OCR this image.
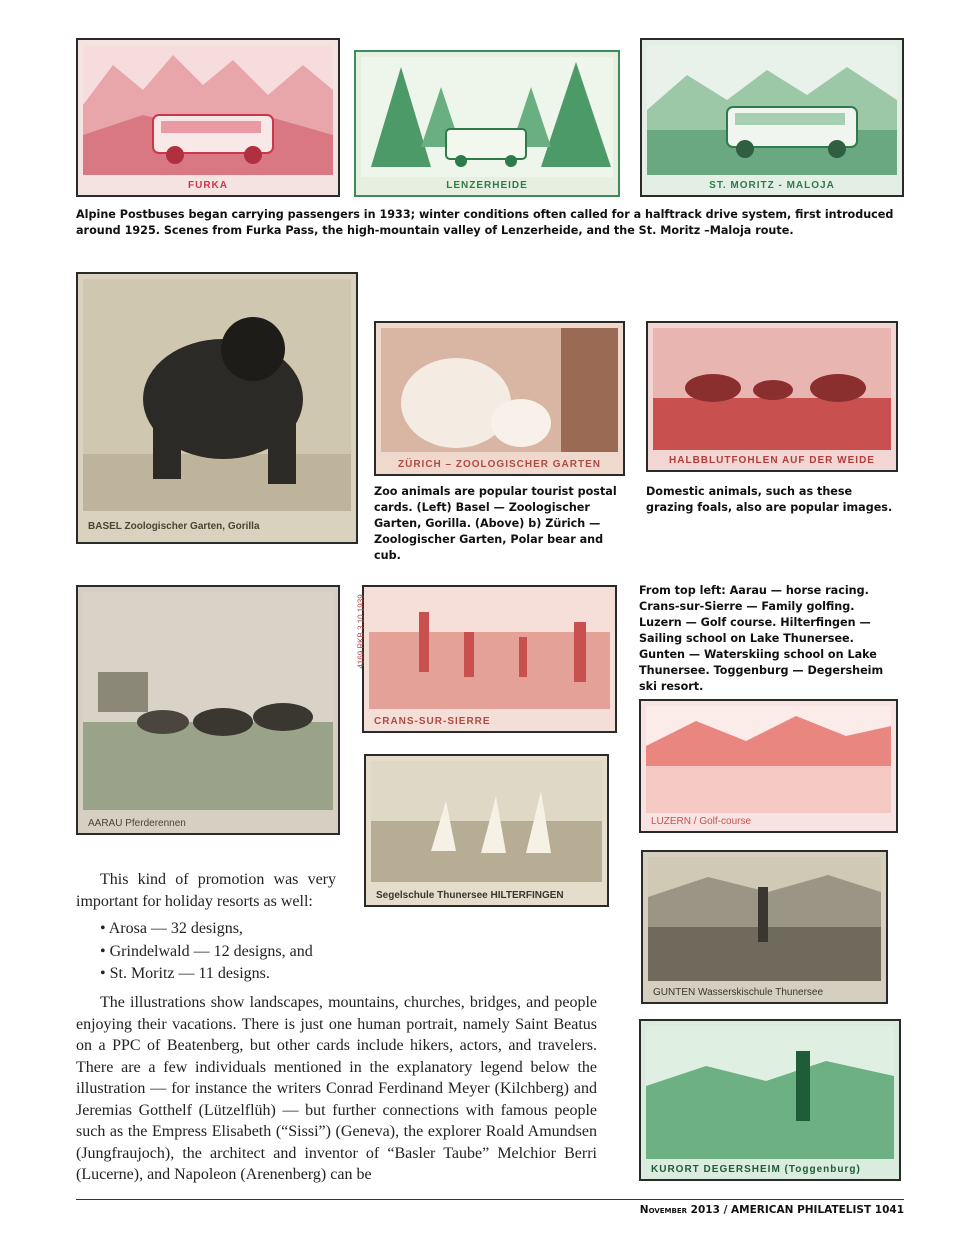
FURKA	LENZERHEIDE	ST. MORITZ - MALOJA
Alpine Postbuses began carrying passengers in 1933; winter conditions often called for a halftrack drive system, first introduced around 1925. Scenes from Furka Pass, the high-mountain valley of Lenzerheide, and the St. Moritz –Maloja route.
BASEL Zoologischer Garten, Gorilla
ZÜRICH – ZOOLOGISCHER GARTEN	HALBBLUTFOHLEN AUF DER WEIDE
Zoo animals are popular tourist postal cards. (Left) Basel — Zoologischer Garten, Gorilla. (Above) b) Zürich — Zoologischer Garten, Polar bear and cub.
Domestic animals, such as these grazing foals, also are popular images.
AARAU Pferderennen
4169 RKB 3.10.1939
CRANS-SUR-SIERRE
From top left: Aarau — horse racing. Crans-sur-Sierre — Family golfing. Luzern — Golf course. Hilterfingen — Sailing school on Lake Thunersee. Gunten — Waterskiing school on Lake Thunersee. Toggenburg — Degersheim ski resort.
LUZERN / Golf-course
Segelschule Thunersee HILTERFINGEN
GUNTEN Wasserskischule Thunersee
KURORT DEGERSHEIM (Toggenburg)

This kind of promotion was very important for holiday resorts as well:

• Arosa — 32 designs,
• Grindelwald — 12 designs, and
• St. Moritz — 11 designs.

The illustrations show landscapes, mountains, churches, bridges, and people enjoying their vacations. There is just one human portrait, namely Saint Beatus on a PPC of Beatenberg, but other cards include hikers, actors, and travelers. There are a few individuals mentioned in the explanatory legend below the illustration — for instance the writers Conrad Ferdinand Meyer (Kilchberg) and Jeremias Gotthelf (Lützelflüh) — but further connections with famous people such as the Empress Elisabeth (“Sissi”) (Geneva), the explorer Roald Amundsen (Jungfraujoch), the architect and inventor of “Basler Taube” Melchior Berri (Lucerne), and Napoleon (Arenenberg) can be

November 2013 / AMERICAN PHILATELIST 1041
